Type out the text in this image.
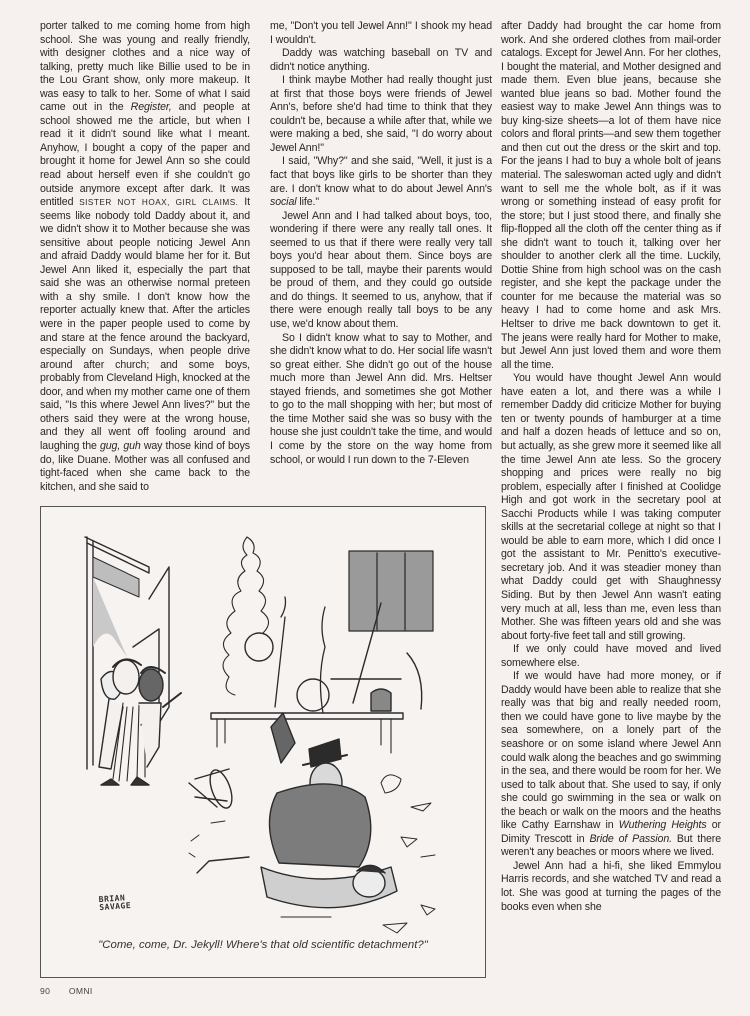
porter talked to me coming home from high school. She was young and really friendly, with designer clothes and a nice way of talking, pretty much like Billie used to be in the Lou Grant show, only more makeup. It was easy to talk to her. Some of what I said came out in the Register, and people at school showed me the article, but when I read it it didn't sound like what I meant. Anyhow, I bought a copy of the paper and brought it home for Jewel Ann so she could read about herself even if she couldn't go outside anymore except after dark. It was entitled SISTER NOT HOAX, GIRL CLAIMS. It seems like nobody told Daddy about it, and we didn't show it to Mother because she was sensitive about people noticing Jewel Ann and afraid Daddy would blame her for it. But Jewel Ann liked it, especially the part that said she was an otherwise normal preteen with a shy smile. I don't know how the reporter actually knew that. After the articles were in the paper people used to come by and stare at the fence around the backyard, especially on Sundays, when people drive around after church; and some boys, probably from Cleveland High, knocked at the door, and when my mother came one of them said, "Is this where Jewel Ann lives?" but the others said they were at the wrong house, and they all went off fooling around and laughing the gug, guh way those kind of boys do, like Duane. Mother was all confused and tight-faced when she came back to the kitchen, and she said to

me, "Don't you tell Jewel Ann!" I shook my head I wouldn't.

Daddy was watching baseball on TV and didn't notice anything.

I think maybe Mother had really thought just at first that those boys were friends of Jewel Ann's, before she'd had time to think that they couldn't be, because a while after that, while we were making a bed, she said, "I do worry about Jewel Ann!"

I said, "Why?" and she said, "Well, it just is a fact that boys like girls to be shorter than they are. I don't know what to do about Jewel Ann's social life."

Jewel Ann and I had talked about boys, too, wondering if there were any really tall ones. It seemed to us that if there were really very tall boys you'd hear about them. Since boys are supposed to be tall, maybe their parents would be proud of them, and they could go outside and do things. It seemed to us, anyhow, that if there were enough really tall boys to be any use, we'd know about them.

So I didn't know what to say to Mother, and she didn't know what to do. Her social life wasn't so great either. She didn't go out of the house much more than Jewel Ann did. Mrs. Heltser stayed friends, and sometimes she got Mother to go to the mall shopping with her; but most of the time Mother said she was so busy with the house she just couldn't take the time, and would I come by the store on the way home from school, or would I run down to the 7-Eleven

after Daddy had brought the car home from work. And she ordered clothes from mail-order catalogs. Except for Jewel Ann. For her clothes, I bought the material, and Mother designed and made them. Even blue jeans, because she wanted blue jeans so bad. Mother found the easiest way to make Jewel Ann things was to buy king-size sheets—a lot of them have nice colors and floral prints—and sew them together and then cut out the dress or the skirt and top. For the jeans I had to buy a whole bolt of jeans material. The saleswoman acted ugly and didn't want to sell me the whole bolt, as if it was wrong or something instead of easy profit for the store; but I just stood there, and finally she flip-flopped all the cloth off the center thing as if she didn't want to touch it, talking over her shoulder to another clerk all the time. Luckily, Dottie Shine from high school was on the cash register, and she kept the package under the counter for me because the material was so heavy I had to come home and ask Mrs. Heltser to drive me back downtown to get it. The jeans were really hard for Mother to make, but Jewel Ann just loved them and wore them all the time.

You would have thought Jewel Ann would have eaten a lot, and there was a while I remember Daddy did criticize Mother for buying ten or twenty pounds of hamburger at a time and half a dozen heads of lettuce and so on, but actually, as she grew more it seemed like all the time Jewel Ann ate less. So the grocery shopping and prices were really no big problem, especially after I finished at Coolidge High and got work in the secretary pool at Sacchi Products while I was taking computer skills at the secretarial college at night so that I would be able to earn more, which I did once I got the assistant to Mr. Penitto's executive-secretary job. And it was steadier money than what Daddy could get with Shaughnessy Siding. But by then Jewel Ann wasn't eating very much at all, less than me, even less than Mother. She was fifteen years old and she was about forty-five feet tall and still growing.

If we only could have moved and lived somewhere else.

If we would have had more money, or if Daddy would have been able to realize that she really was that big and really needed room, then we could have gone to live maybe by the sea somewhere, on a lonely part of the seashore or on some island where Jewel Ann could walk along the beaches and go swimming in the sea, and there would be room for her. We used to talk about that. She used to say, if only she could go swimming in the sea or walk on the beach or walk on the moors and the heaths like Cathy Earnshaw in Wuthering Heights or Dimity Trescott in Bride of Passion. But there weren't any beaches or moors where we lived.

Jewel Ann had a hi-fi, she liked Emmylou Harris records, and she watched TV and read a lot. She was good at turning the pages of the books even when she

BRIAN
SAVAGE
"Come, come, Dr. Jekyll! Where's that old scientific detachment?"
90 OMNI
